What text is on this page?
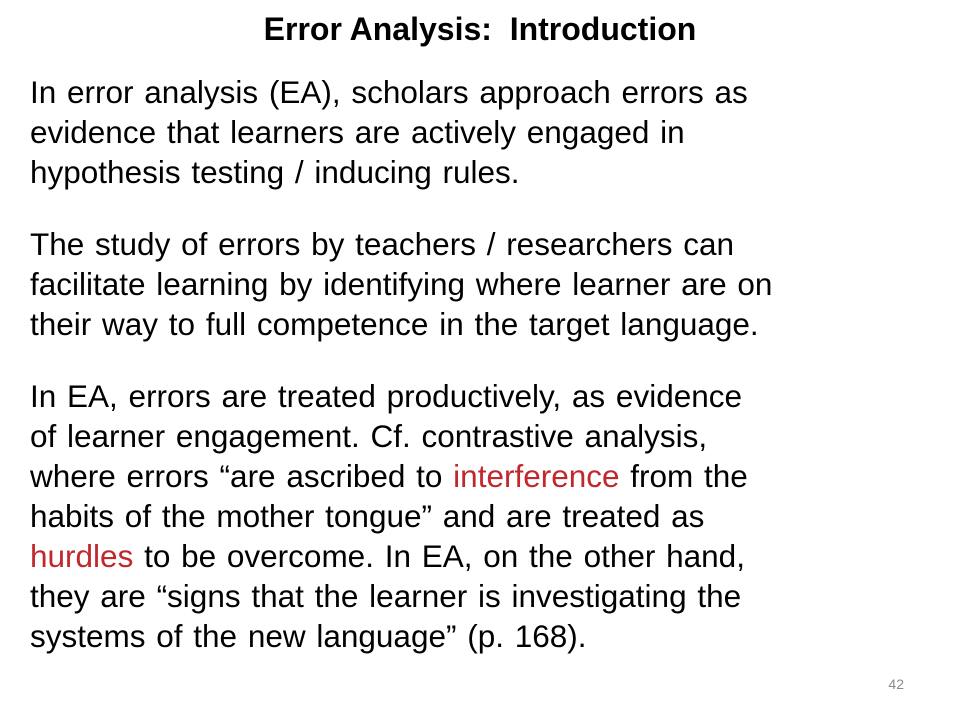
Error Analysis:  Introduction
In error analysis (EA), scholars approach errors as
evidence that learners are actively engaged in
hypothesis testing / inducing rules.
The study of errors by teachers / researchers can
facilitate learning by identifying where learner are on
their way to full competence in the target language.
In EA, errors are treated productively, as evidence
of learner engagement. Cf. contrastive analysis,
where errors “are ascribed to interference from the
habits of the mother tongue” and are treated as
hurdles to be overcome. In EA, on the other hand,
they are “signs that the learner is investigating the
systems of the new language” (p. 168).
42
